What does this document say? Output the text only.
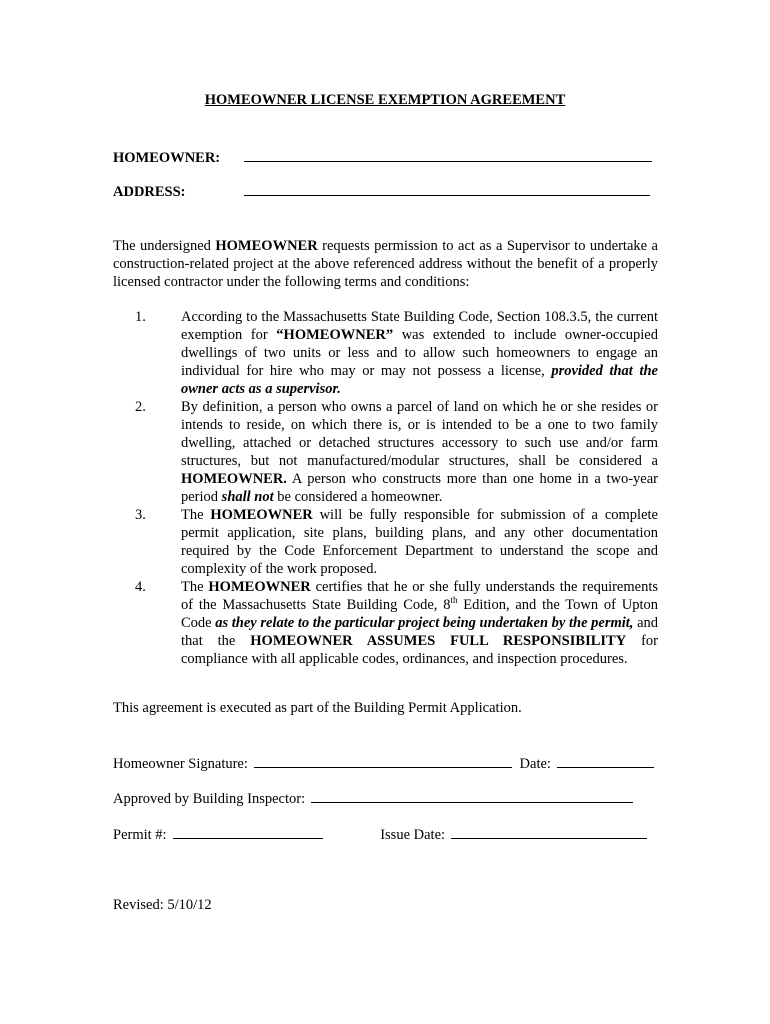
HOMEOWNER LICENSE EXEMPTION AGREEMENT
HOMEOWNER:
ADDRESS:

The undersigned HOMEOWNER requests permission to act as a Supervisor to undertake a construction-related project at the above referenced address without the benefit of a properly licensed contractor under the following terms and conditions:

1. According to the Massachusetts State Building Code, Section 108.3.5, the current exemption for “HOMEOWNER” was extended to include owner-occupied dwellings of two units or less and to allow such homeowners to engage an individual for hire who may or may not possess a license, provided that the owner acts as a supervisor.
2. By definition, a person who owns a parcel of land on which he or she resides or intends to reside, on which there is, or is intended to be a one to two family dwelling, attached or detached structures accessory to such use and/or farm structures, but not manufactured/modular structures, shall be considered a HOMEOWNER. A person who constructs more than one home in a two-year period shall not be considered a homeowner.
3. The HOMEOWNER will be fully responsible for submission of a complete permit application, site plans, building plans, and any other documentation required by the Code Enforcement Department to understand the scope and complexity of the work proposed.
4. The HOMEOWNER certifies that he or she fully understands the requirements of the Massachusetts State Building Code, 8th Edition, and the Town of Upton Code as they relate to the particular project being undertaken by the permit, and that the HOMEOWNER ASSUMES FULL RESPONSIBILITY for compliance with all applicable codes, ordinances, and inspection procedures.

This agreement is executed as part of the Building Permit Application.

Homeowner Signature:	Date:
Approved by Building Inspector:
Permit #:	Issue Date:
Revised: 5/10/12
